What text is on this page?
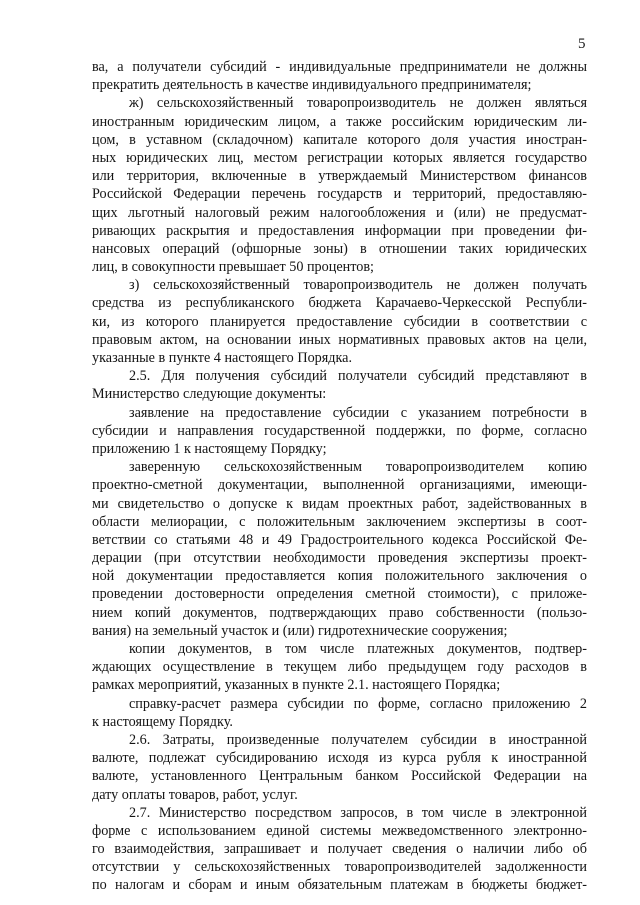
5
ва, а получатели субсидий - индивидуальные предприниматели не должны
прекратить деятельность в качестве индивидуального предпринимателя;
ж) сельскохозяйственный товаропроизводитель не должен являться
иностранным юридическим лицом, а также российским юридическим ли-
цом, в уставном (складочном) капитале которого доля участия иностран-
ных юридических лиц, местом регистрации которых является государство
или территория, включенные в утверждаемый Министерством финансов
Российской Федерации перечень государств и территорий, предоставляю-
щих льготный налоговый режим налогообложения и (или) не предусмат-
ривающих раскрытия и предоставления информации при проведении фи-
нансовых операций (офшорные зоны) в отношении таких юридических
лиц, в совокупности превышает 50 процентов;
з) сельскохозяйственный товаропроизводитель не должен получать
средства из республиканского бюджета Карачаево-Черкесской Республи-
ки, из которого планируется предоставление субсидии в соответствии с
правовым актом, на основании иных нормативных правовых актов на цели,
указанные в пункте 4 настоящего Порядка.
2.5. Для получения субсидий получатели субсидий представляют в
Министерство следующие документы:
заявление на предоставление субсидии с указанием потребности в
субсидии и направления государственной поддержки, по форме, согласно
приложению 1 к настоящему Порядку;
заверенную сельскохозяйственным товаропроизводителем копию
проектно-сметной документации, выполненной организациями, имеющи-
ми свидетельство о допуске к видам проектных работ, задействованных в
области мелиорации, с положительным заключением экспертизы в соот-
ветствии со статьями 48 и 49 Градостроительного кодекса Российской Фе-
дерации (при отсутствии необходимости проведения экспертизы проект-
ной документации предоставляется копия положительного заключения о
проведении достоверности определения сметной стоимости), с приложе-
нием копий документов, подтверждающих право собственности (пользо-
вания) на земельный участок и (или) гидротехнические сооружения;
копии документов, в том числе платежных документов, подтвер-
ждающих осуществление в текущем либо предыдущем году расходов в
рамках мероприятий, указанных в пункте 2.1. настоящего Порядка;
справку-расчет размера субсидии по форме, согласно приложению 2
к настоящему Порядку.
2.6. Затраты, произведенные получателем субсидии в иностранной
валюте, подлежат субсидированию исходя из курса рубля к иностранной
валюте, установленного Центральным банком Российской Федерации на
дату оплаты товаров, работ, услуг.
2.7. Министерство посредством запросов, в том числе в электронной
форме с использованием единой системы межведомственного электронно-
го взаимодействия, запрашивает и получает сведения о наличии либо об
отсутствии у сельскохозяйственных товаропроизводителей задолженности
по налогам и сборам и иным обязательным платежам в бюджеты бюджет-
